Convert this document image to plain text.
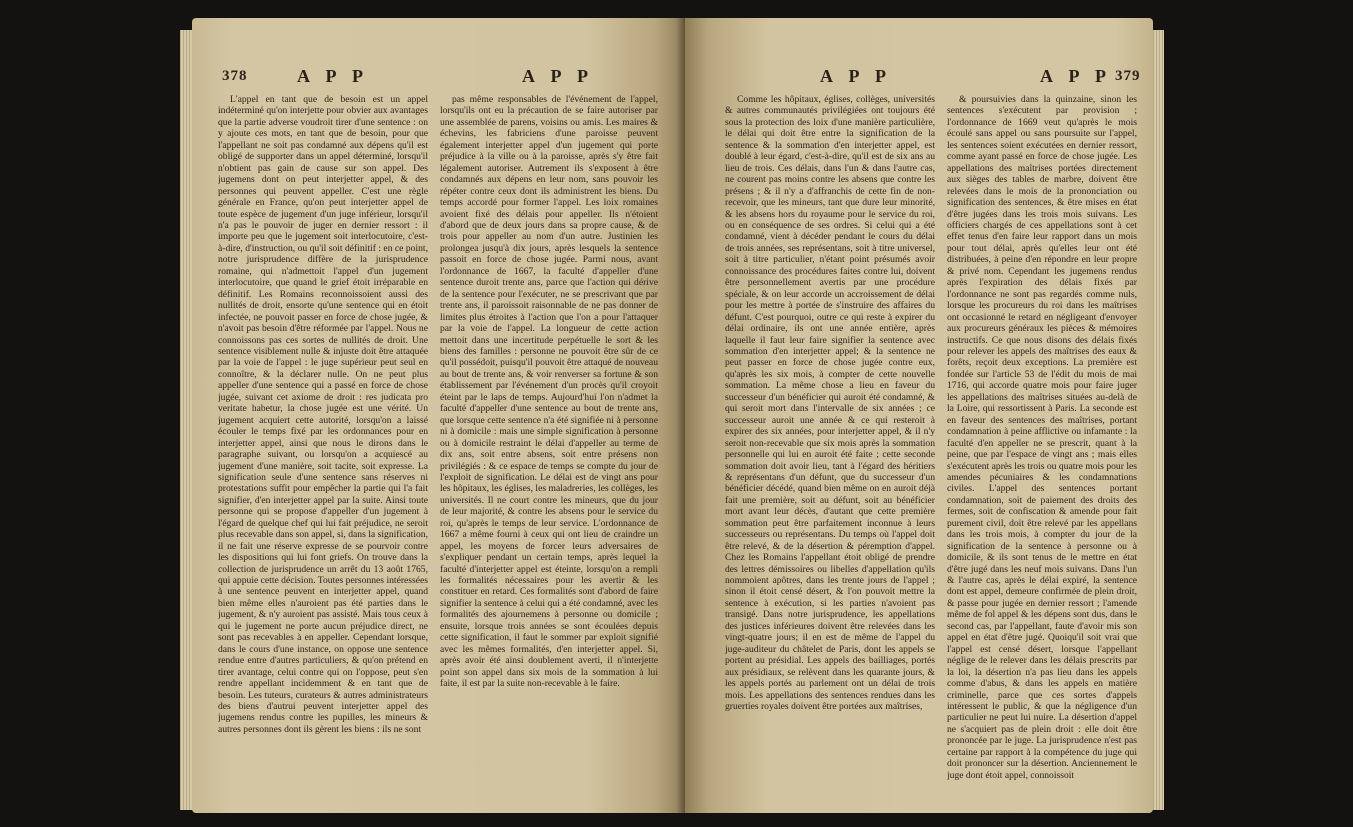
378	A P P	A P P

L'appel en tant que de besoin est un appel indéterminé qu'on interjette pour obvier aux avantages que la partie adverse voudroit tirer d'une sentence : on y ajoute ces mots, en tant que de besoin, pour que l'appellant ne soit pas condamné aux dépens qu'il est obligé de supporter dans un appel déterminé, lorsqu'il n'obtient pas gain de cause sur son appel. Des jugemens dont on peut interjetter appel, & des personnes qui peuvent appeller. C'est une règle générale en France, qu'on peut interjetter appel de toute espèce de jugement d'un juge inférieur, lorsqu'il n'a pas le pouvoir de juger en dernier ressort : il importe peu que le jugement soit interlocutoire, c'est-à-dire, d'instruction, ou qu'il soit définitif : en ce point, notre jurisprudence diffère de la jurisprudence romaine, qui n'admettoit l'appel d'un jugement interlocutoire, que quand le grief étoit irréparable en définitif. Les Romains reconnoissoient aussi des nullités de droit, ensorte qu'une sentence qui en étoit infectée, ne pouvoit passer en force de chose jugée, & n'avoit pas besoin d'être réformée par l'appel. Nous ne connoissons pas ces sortes de nullités de droit. Une sentence visiblement nulle & injuste doit être attaquée par la voie de l'appel : le juge supérieur peut seul en connoître, & la déclarer nulle. On ne peut plus appeller d'une sentence qui a passé en force de chose jugée, suivant cet axiome de droit : res judicata pro veritate habetur, la chose jugée est une vérité. Un jugement acquiert cette autorité, lorsqu'on a laissé écouler le temps fixé par les ordonnances pour en interjetter appel, ainsi que nous le dirons dans le paragraphe suivant, ou lorsqu'on a acquiescé au jugement d'une manière, soit tacite, soit expresse. La signification seule d'une sentence sans réserves ni protestations suffit pour empêcher la partie qui l'a fait signifier, d'en interjetter appel par la suite. Ainsi toute personne qui se propose d'appeller d'un jugement à l'égard de quelque chef qui lui fait préjudice, ne seroit plus recevable dans son appel, si, dans la signification, il ne fait une réserve expresse de se pourvoir contre les dispositions qui lui font griefs. On trouve dans la collection de jurisprudence un arrêt du 13 août 1765, qui appuie cette décision. Toutes personnes intéressées à une sentence peuvent en interjetter appel, quand bien même elles n'auroient pas été parties dans le jugement, & n'y auroient pas assisté. Mais tous ceux à qui le jugement ne porte aucun préjudice direct, ne sont pas recevables à en appeller. Cependant lorsque, dans le cours d'une instance, on oppose une sentence rendue entre d'autres particuliers, & qu'on prétend en tirer avantage, celui contre qui on l'oppose, peut s'en rendre appellant incidemment & en tant que de besoin. Les tuteurs, curateurs & autres administrateurs des biens d'autrui peuvent interjetter appel des jugemens rendus contre les pupilles, les mineurs & autres personnes dont ils gèrent les biens : ils ne sont

pas même responsables de l'événement de l'appel, lorsqu'ils ont eu la précaution de se faire autoriser par une assemblée de parens, voisins ou amis. Les maires & échevins, les fabriciens d'une paroisse peuvent également interjetter appel d'un jugement qui porte préjudice à la ville ou à la paroisse, après s'y être fait légalement autoriser. Autrement ils s'exposent à être condamnés aux dépens en leur nom, sans pouvoir les répéter contre ceux dont ils administrent les biens. Du temps accordé pour former l'appel. Les loix romaines avoient fixé des délais pour appeller. Ils n'étoient d'abord que de deux jours dans sa propre cause, & de trois pour appeller au nom d'un autre. Justinien les prolongea jusqu'à dix jours, après lesquels la sentence passoit en force de chose jugée. Parmi nous, avant l'ordonnance de 1667, la faculté d'appeller d'une sentence duroit trente ans, parce que l'action qui dérive de la sentence pour l'exécuter, ne se prescrivant que par trente ans, il paroissoit raisonnable de ne pas donner de limites plus étroites à l'action que l'on a pour l'attaquer par la voie de l'appel. La longueur de cette action mettoit dans une incertitude perpétuelle le sort & les biens des familles : personne ne pouvoit être sûr de ce qu'il possédoit, puisqu'il pouvoit être attaqué de nouveau au bout de trente ans, & voir renverser sa fortune & son établissement par l'événement d'un procès qu'il croyoit éteint par le laps de temps. Aujourd'hui l'on n'admet la faculté d'appeller d'une sentence au bout de trente ans, que lorsque cette sentence n'a été signifiée ni à personne ni à domicile : mais une simple signification à personne ou à domicile restraint le délai d'appeller au terme de dix ans, soit entre absens, soit entre présens non privilégiés : & ce espace de temps se compte du jour de l'exploit de signification. Le délai est de vingt ans pour les hôpitaux, les églises, les maladreries, les collèges, les universités. Il ne court contre les mineurs, que du jour de leur majorité, & contre les absens pour le service du roi, qu'après le temps de leur service. L'ordonnance de 1667 a même fourni à ceux qui ont lieu de craindre un appel, les moyens de forcer leurs adversaires de s'expliquer pendant un certain temps, après lequel la faculté d'interjetter appel est éteinte, lorsqu'on a rempli les formalités nécessaires pour les avertir & les constituer en retard. Ces formalités sont d'abord de faire signifier la sentence à celui qui a été condamné, avec les formalités des ajournemens à personne ou domicile ; ensuite, lorsque trois années se sont écoulées depuis cette signification, il faut le sommer par exploit signifié avec les mêmes formalités, d'en interjetter appel. Si, après avoir été ainsi doublement averti, il n'interjette point son appel dans six mois de la sommation à lui faite, il est par la suite non-recevable à le faire.

A P P	A P P 379

Comme les hôpitaux, églises, collèges, universités & autres communautés privilégiées ont toujours été sous la protection des loix d'une manière particulière, le délai qui doit être entre la signification de la sentence & la sommation d'en interjetter appel, est doublé à leur égard, c'est-à-dire, qu'il est de six ans au lieu de trois. Ces délais, dans l'un & dans l'autre cas, ne courent pas moins contre les absens que contre les présens ; & il n'y a d'affranchis de cette fin de non-recevoir, que les mineurs, tant que dure leur minorité, & les absens hors du royaume pour le service du roi, ou en conséquence de ses ordres. Si celui qui a été condamné, vient à décéder pendant le cours du délai de trois années, ses représentans, soit à titre universel, soit à titre particulier, n'étant point présumés avoir connoissance des procédures faites contre lui, doivent être personnellement avertis par une procédure spéciale, & on leur accorde un accroissement de délai pour les mettre à portée de s'instruire des affaires du défunt. C'est pourquoi, outre ce qui reste à expirer du délai ordinaire, ils ont une année entière, après laquelle il faut leur faire signifier la sentence avec sommation d'en interjetter appel; & la sentence ne peut passer en force de chose jugée contre eux, qu'après les six mois, à compter de cette nouvelle sommation. La même chose a lieu en faveur du successeur d'un bénéficier qui auroit été condamné, & qui seroit mort dans l'intervalle de six années ; ce successeur auroit une année & ce qui resteroit à expirer des six années, pour interjetter appel, & il n'y seroit non-recevable que six mois après la sommation personnelle qui lui en auroit été faite ; cette seconde sommation doit avoir lieu, tant à l'égard des héritiers & représentans d'un défunt, que du successeur d'un bénéficier décédé, quand bien même on en auroit déjà fait une première, soit au défunt, soit au bénéficier mort avant leur décès, d'autant que cette première sommation peut être parfaitement inconnue à leurs successeurs ou représentans. Du temps où l'appel doit être relevé, & de la désertion & péremption d'appel. Chez les Romains l'appellant étoit obligé de prendre des lettres démissoires ou libelles d'appellation qu'ils nommoient apôtres, dans les trente jours de l'appel ; sinon il étoit censé désert, & l'on pouvoit mettre la sentence à exécution, si les parties n'avoient pas transigé. Dans notre jurisprudence, les appellations des justices inférieures doivent être relevées dans les vingt-quatre jours; il en est de même de l'appel du juge-auditeur du châtelet de Paris, dont les appels se portent au présidial. Les appels des bailliages, portés aux présidiaux, se relèvent dans les quarante jours, & les appels portés au parlement ont un délai de trois mois. Les appellations des sentences rendues dans les gruerties royales doivent être portées aux maîtrises,

& poursuivies dans la quinzaine, sinon les sentences s'exécutent par provision ; l'ordonnance de 1669 veut qu'après le mois écoulé sans appel ou sans poursuite sur l'appel, les sentences soient exécutées en dernier ressort, comme ayant passé en force de chose jugée. Les appellations des maîtrises portées directement aux sièges des tables de marbre, doivent être relevées dans le mois de la prononciation ou signification des sentences, & être mises en état d'être jugées dans les trois mois suivans. Les officiers chargés de ces appellations sont à cet effet tenus d'en faire leur rapport dans un mois pour tout délai, après qu'elles leur ont été distribuées, à peine d'en répondre en leur propre & privé nom. Cependant les jugemens rendus après l'expiration des délais fixés par l'ordonnance ne sont pas regardés comme nuls, lorsque les procureurs du roi dans les maîtrises ont occasionné le retard en négligeant d'envoyer aux procureurs généraux les pièces & mémoires instructifs. Ce que nous disons des délais fixés pour relever les appels des maîtrises des eaux & forêts, reçoit deux exceptions. La première est fondée sur l'article 53 de l'édit du mois de mai 1716, qui accorde quatre mois pour faire juger les appellations des maîtrises situées au-delà de la Loire, qui ressortissent à Paris. La seconde est en faveur des sentences des maîtrises, portant condamnation à peine afflictive ou infamante : la faculté d'en appeller ne se prescrit, quant à la peine, que par l'espace de vingt ans ; mais elles s'exécutent après les trois ou quatre mois pour les amendes pécuniaires & les condamnations civiles. L'appel des sentences portant condamnation, soit de paiement des droits des fermes, soit de confiscation & amende pour fait purement civil, doit être relevé par les appellans dans les trois mois, à compter du jour de la signification de la sentence à personne ou à domicile, & ils sont tenus de le mettre en état d'être jugé dans les neuf mois suivans. Dans l'un & l'autre cas, après le délai expiré, la sentence dont est appel, demeure confirmée de plein droit, & passe pour jugée en dernier ressort ; l'amende même de fol appel & les dépens sont dus, dans le second cas, par l'appellant, faute d'avoir mis son appel en état d'être jugé. Quoiqu'il soit vrai que l'appel est censé désert, lorsque l'appellant néglige de le relever dans les délais prescrits par la loi, la désertion n'a pas lieu dans les appels comme d'abus, & dans les appels en matière criminelle, parce que ces sortes d'appels intéressent le public, & que la négligence d'un particulier ne peut lui nuire. La désertion d'appel ne s'acquiert pas de plein droit : elle doit être prononcée par le juge. La jurisprudence n'est pas certaine par rapport à la compétence du juge qui doit prononcer sur la désertion. Anciennement le juge dont étoit appel, connoissoit
